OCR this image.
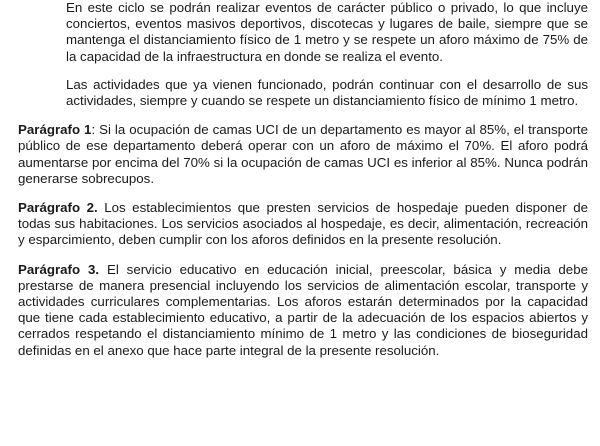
En este ciclo se podrán realizar eventos de carácter público o privado, lo que incluye conciertos, eventos masivos deportivos, discotecas y lugares de baile, siempre que se mantenga el distanciamiento físico de 1 metro y se respete un aforo máximo de 75% de la capacidad de la infraestructura en donde se realiza el evento.

Las actividades que ya vienen funcionado, podrán continuar con el desarrollo de sus actividades, siempre y cuando se respete un distanciamiento físico de mínimo 1 metro.

Parágrafo 1: Si la ocupación de camas UCI de un departamento es mayor al 85%, el transporte público de ese departamento deberá operar con un aforo de máximo el 70%. El aforo podrá aumentarse por encima del 70% si la ocupación de camas UCI es inferior al 85%. Nunca podrán generarse sobrecupos.

Parágrafo 2. Los establecimientos que presten servicios de hospedaje pueden disponer de todas sus habitaciones. Los servicios asociados al hospedaje, es decir, alimentación, recreación y esparcimiento, deben cumplir con los aforos definidos en la presente resolución.

Parágrafo 3. El servicio educativo en educación inicial, preescolar, básica y media debe prestarse de manera presencial incluyendo los servicios de alimentación escolar, transporte y actividades curriculares complementarias. Los aforos estarán determinados por la capacidad que tiene cada establecimiento educativo, a partir de la adecuación de los espacios abiertos y cerrados respetando el distanciamiento mínimo de 1 metro y las condiciones de bioseguridad definidas en el anexo que hace parte integral de la presente resolución.
